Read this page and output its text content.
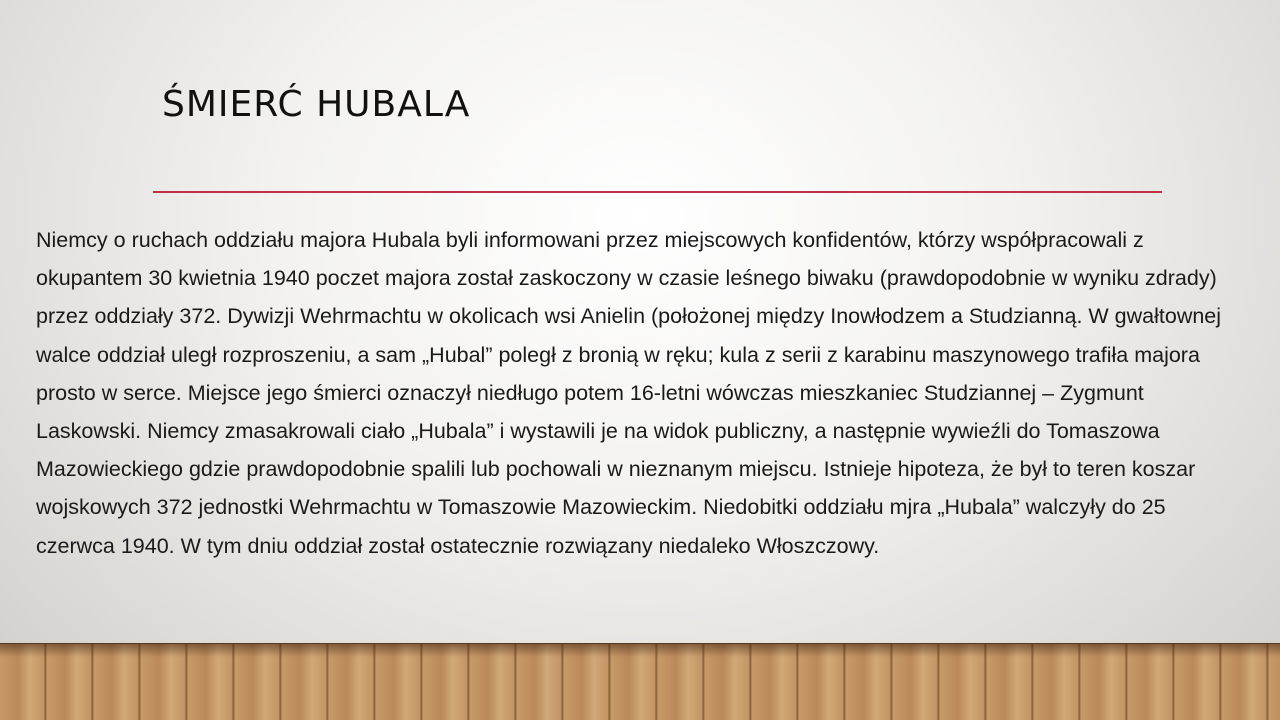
ŚMIERĆ HUBALA

Niemcy o ruchach oddziału majora Hubala byli informowani przez miejscowych konfidentów, którzy współpracowali z okupantem 30 kwietnia 1940 poczet majora został zaskoczony w czasie leśnego biwaku (prawdopodobnie w wyniku zdrady) przez oddziały 372. Dywizji Wehrmachtu w okolicach wsi Anielin (położonej między Inowłodzem a Studzianną. W gwałtownej walce oddział uległ rozproszeniu, a sam „Hubal” poległ z bronią w ręku; kula z serii z karabinu maszynowego trafiła majora prosto w serce. Miejsce jego śmierci oznaczył niedługo potem 16-letni wówczas mieszkaniec Studziannej – Zygmunt Laskowski. Niemcy zmasakrowali ciało „Hubala” i wystawili je na widok publiczny, a następnie wywieźli do Tomaszowa Mazowieckiego gdzie prawdopodobnie spalili lub pochowali w nieznanym miejscu. Istnieje hipoteza, że był to teren koszar wojskowych 372 jednostki Wehrmachtu w Tomaszowie Mazowieckim. Niedobitki oddziału mjra „Hubala” walczyły do 25 czerwca 1940. W tym dniu oddział został ostatecznie rozwiązany niedaleko Włoszczowy.
